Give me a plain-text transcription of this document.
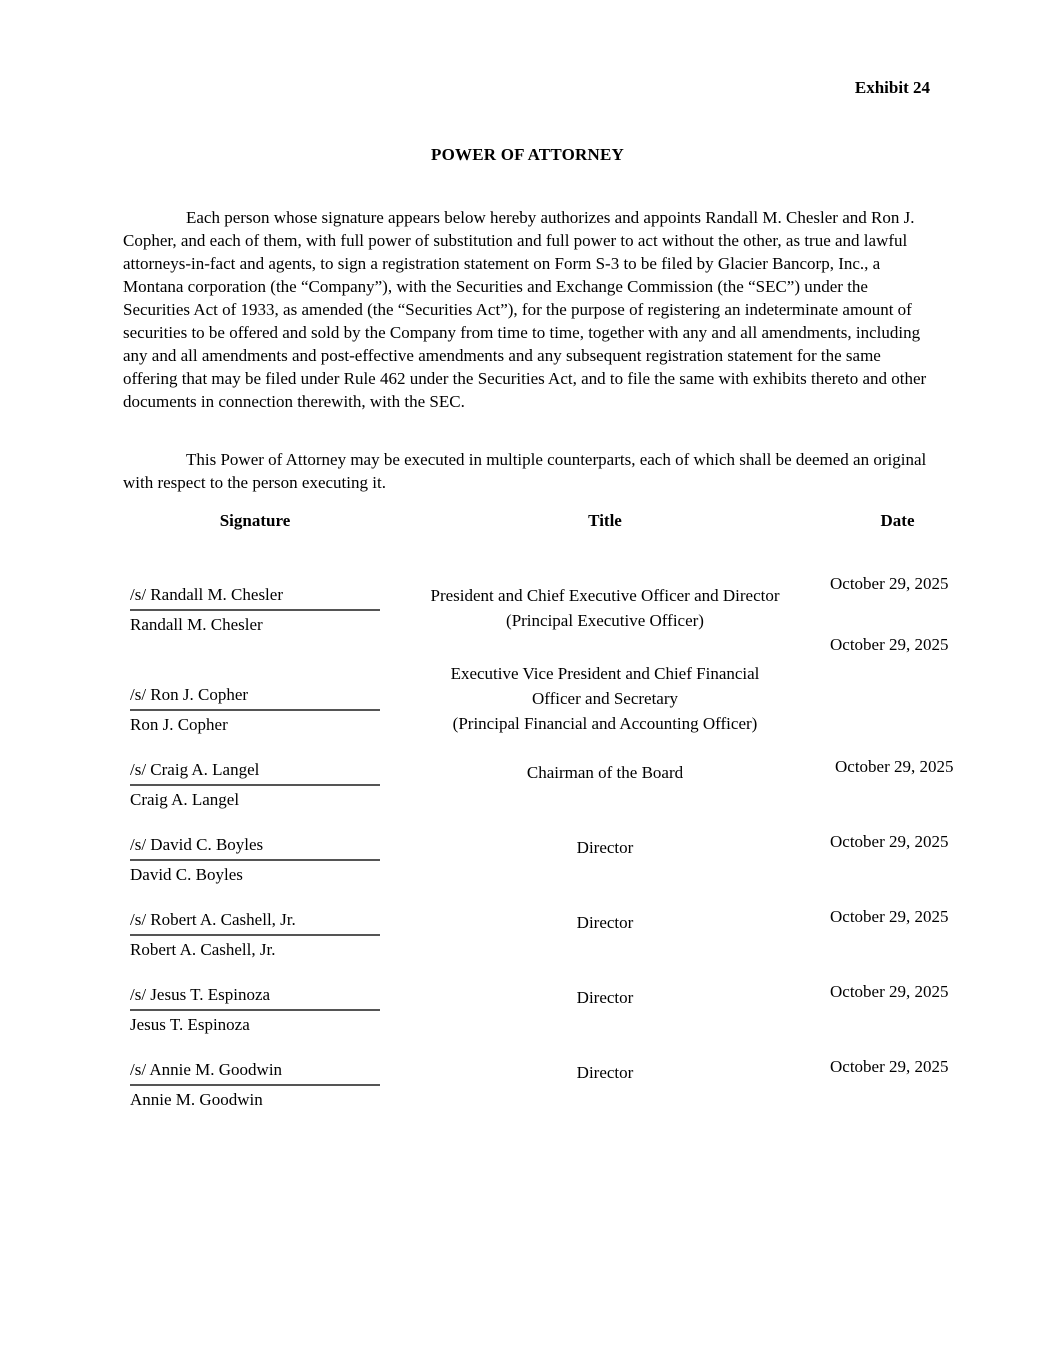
Exhibit 24
POWER OF ATTORNEY
Each person whose signature appears below hereby authorizes and appoints Randall M. Chesler and Ron J. Copher, and each of them, with full power of substitution and full power to act without the other, as true and lawful attorneys-in-fact and agents, to sign a registration statement on Form S-3 to be filed by Glacier Bancorp, Inc., a Montana corporation (the “Company”), with the Securities and Exchange Commission (the “SEC”) under the Securities Act of 1933, as amended (the “Securities Act”), for the purpose of registering an indeterminate amount of securities to be offered and sold by the Company from time to time, together with any and all amendments, including any and all amendments and post-effective amendments and any subsequent registration statement for the same offering that may be filed under Rule 462 under the Securities Act, and to file the same with exhibits thereto and other documents in connection therewith, with the SEC.
This Power of Attorney may be executed in multiple counterparts, each of which shall be deemed an original with respect to the person executing it.
Signature	Title	Date
/s/ Randall M. Chesler
Randall M. Chesler
President and Chief Executive Officer and Director
(Principal Executive Officer)
October 29, 2025
/s/ Ron J. Copher
Ron J. Copher
Executive Vice President and Chief Financial
Officer and Secretary
(Principal Financial and Accounting Officer)
October 29, 2025
/s/ Craig A. Langel
Craig A. Langel
Chairman of the Board	October 29, 2025
/s/ David C. Boyles
David C. Boyles
Director	October 29, 2025
/s/ Robert A. Cashell, Jr.
Robert A. Cashell, Jr.
Director	October 29, 2025
/s/ Jesus T. Espinoza
Jesus T. Espinoza
Director	October 29, 2025
/s/ Annie M. Goodwin
Annie M. Goodwin
Director	October 29, 2025
